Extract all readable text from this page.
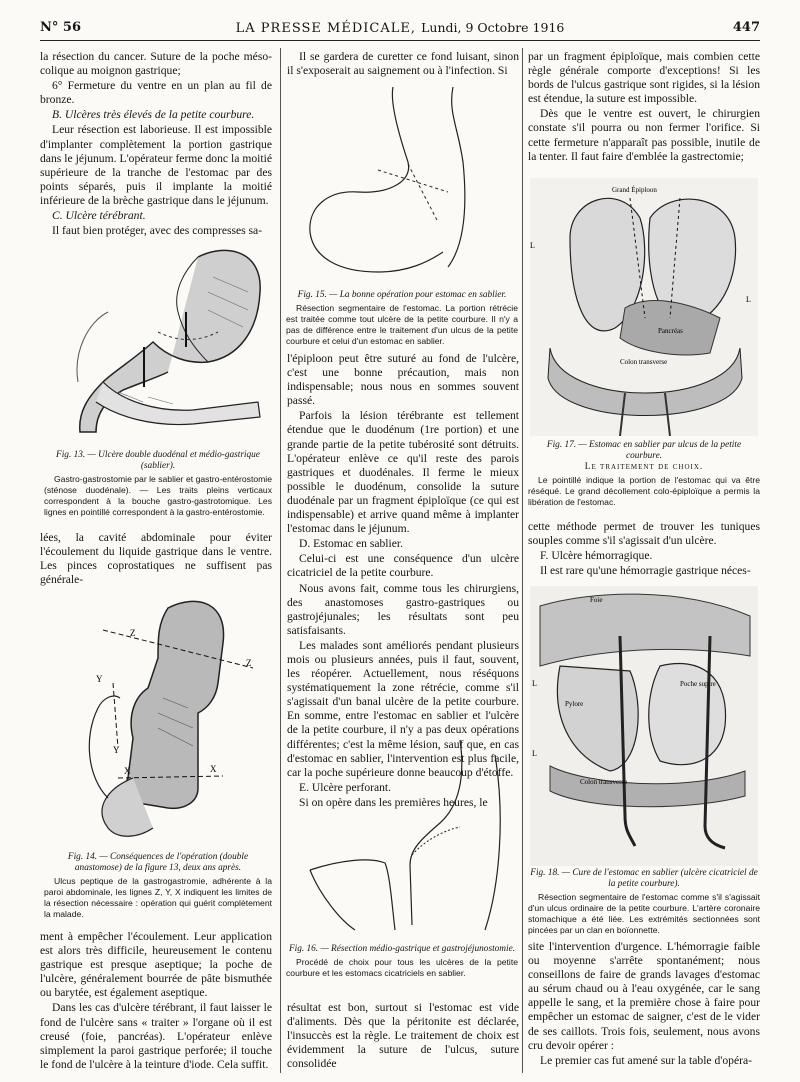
N° 56	LA PRESSE MÉDICALE, Lundi, 9 Octobre 1916	447

la résection du cancer. Suture de la poche méso-colique au moignon gastrique;

6° Fermeture du ventre en un plan au fil de bronze.

B. Ulcères très élevés de la petite courbure.

Leur résection est laborieuse. Il est impossible d'implanter complètement la portion gastrique dans le jéjunum. L'opérateur ferme donc la moitié supérieure de la tranche de l'estomac par des points séparés, puis il implante la moitié inférieure de la brèche gastrique dans le jéjunum.

C. Ulcère térébrant.

Il faut bien protéger, avec des compresses sa-

Fig. 13. — Ulcère double duodénal et médio-gastrique (sablier).
Gastro-gastrostomie par le sablier et gastro-entérostomie (sténose duodénale). — Les traits pleins verticaux correspondent à la bouche gastro-gastrotomique. Les lignes en pointillé correspondent à la gastro-entérostomie.

lées, la cavité abdominale pour éviter l'écoulement du liquide gastrique dans le ventre. Les pinces coprostatiques ne suffisent pas générale-

Z
Z
Y
Y
X	X
Fig. 14. — Conséquences de l'opération (double anastomose) de la figure 13, deux ans après.
Ulcus peptique de la gastrogastromie, adhérente à la paroi abdominale, les lignes Z, Y, X indiquent les limites de la résection nécessaire : opération qui guérit complètement la malade.

ment à empêcher l'écoulement. Leur application est alors très difficile, heureusement le contenu gastrique est presque aseptique; la poche de l'ulcère, généralement bourrée de pâte bismuthée ou barytée, est également aseptique.

Dans les cas d'ulcère térébrant, il faut laisser le fond de l'ulcère sans « traiter » l'organe où il est creusé (foie, pancréas). L'opérateur enlève simplement la paroi gastrique perforée; il touche le fond de l'ulcère à la teinture d'iode. Cela suffit.

Il se gardera de curetter ce fond luisant, sinon il s'exposerait au saignement ou à l'infection. Si

Fig. 15. — La bonne opération pour estomac en sablier.
Résection segmentaire de l'estomac. La portion rétrécie est traitée comme tout ulcère de la petite courbure. Il n'y a pas de différence entre le traitement d'un ulcus de la petite courbure et celui d'un estomac en sablier.

l'épiploon peut être suturé au fond de l'ulcère, c'est une bonne précaution, mais non indispensable; nous nous en sommes souvent passé.

Parfois la lésion térébrante est tellement étendue que le duodénum (1re portion) et une grande partie de la petite tubérosité sont détruits. L'opérateur enlève ce qu'il reste des parois gastriques et duodénales. Il ferme le mieux possible le duodénum, consolide la suture duodénale par un fragment épiploïque (ce qui est indispensable) et arrive quand même à implanter l'estomac dans le jéjunum.

D. Estomac en sablier.

Celui-ci est une conséquence d'un ulcère cicatriciel de la petite courbure.

Nous avons fait, comme tous les chirurgiens, des anastomoses gastro-gastriques ou gastrojéjunales; les résultats sont peu satisfaisants.

Les malades sont améliorés pendant plusieurs mois ou plusieurs années, puis il faut, souvent, les réopérer. Actuellement, nous réséquons systématiquement la zone rétrécie, comme s'il s'agissait d'un banal ulcère de la petite courbure. En somme, entre l'estomac en sablier et l'ulcère de la petite courbure, il n'y a pas deux opérations différentes; c'est la même lésion, sauf que, en cas d'estomac en sablier, l'intervention est plus facile, car la poche supérieure donne beaucoup d'étoffe.

E. Ulcère perforant.

Si on opère dans les premières heures, le

Fig. 16. — Résection médio-gastrique et gastrojéjunostomie.
Procédé de choix pour tous les ulcères de la petite courbure et les estomacs cicatriciels en sablier.

résultat est bon, surtout si l'estomac est vide d'aliments. Dès que la péritonite est déclarée, l'insuccès est la règle. Le traitement de choix est évidemment la suture de l'ulcus, suture consolidée

par un fragment épiploïque, mais combien cette règle générale comporte d'exceptions! Si les bords de l'ulcus gastrique sont rigides, si la lésion est étendue, la suture est impossible.

Dès que le ventre est ouvert, le chirurgien constate s'il pourra ou non fermer l'orifice. Si cette fermeture n'apparaît pas possible, inutile de la tenter. Il faut faire d'emblée la gastrectomie;

Grand Épiploon
L
L
Pancréas
Colon transverse
Fig. 17. — Estomac en sablier par ulcus de la petite courbure.
Le traitement de choix.
Le pointillé indique la portion de l'estomac qui va être réséqué. Le grand décollement colo-épiploïque a permis la libération de l'estomac.

cette méthode permet de trouver les tuniques souples comme s'il s'agissait d'un ulcère.

F. Ulcère hémorragique.

Il est rare qu'une hémorragie gastrique néces-

Foie
Poche sup.re
Pylore
Colon transverse
L
L
Fig. 18. — Cure de l'estomac en sablier (ulcère cicatriciel de la petite courbure).
Résection segmentaire de l'estomac comme s'il s'agissait d'un ulcus ordinaire de la petite courbure. L'artère coronaire stomachique a été liée. Les extrémités sectionnées sont pincées par un clan en boïonnette.

site l'intervention d'urgence. L'hémorragie faible ou moyenne s'arrête spontanément; nous conseillons de faire de grands lavages d'estomac au sérum chaud ou à l'eau oxygénée, car le sang appelle le sang, et la première chose à faire pour empêcher un estomac de saigner, c'est de le vider de ses caillots. Trois fois, seulement, nous avons cru devoir opérer :

Le premier cas fut amené sur la table d'opéra-
